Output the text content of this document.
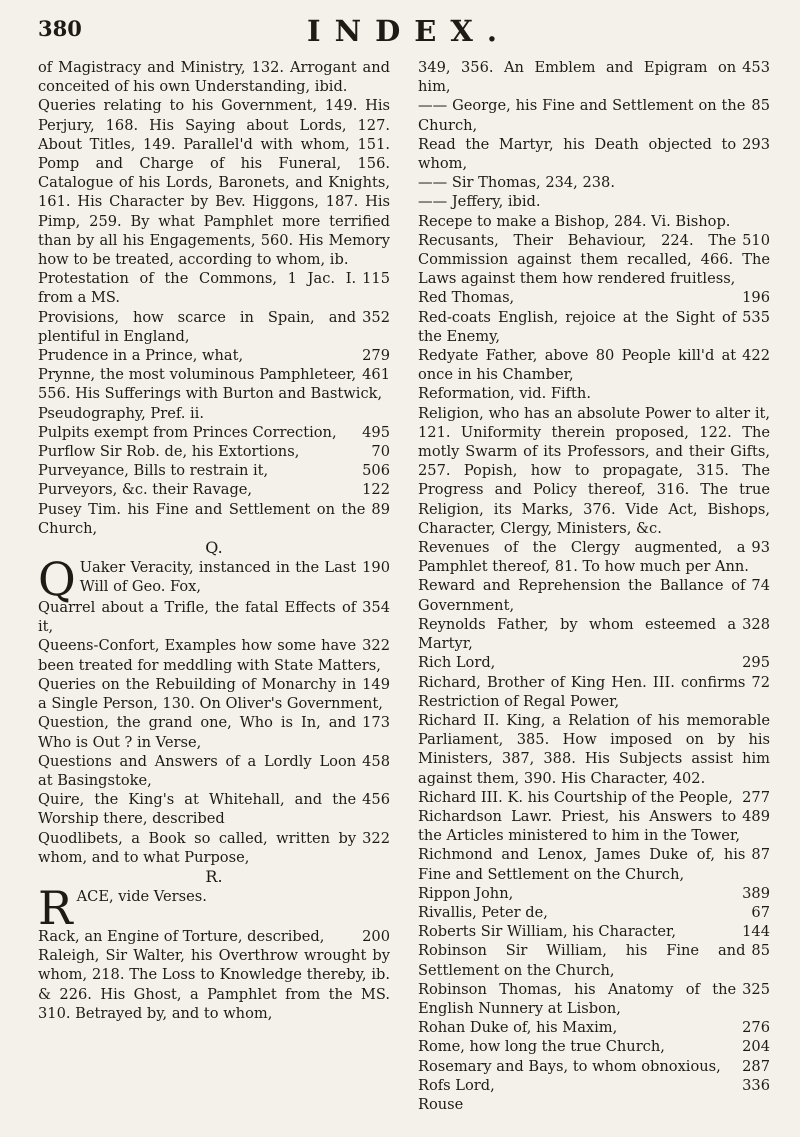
380	INDEX.
of Magistracy and Ministry, 132. Arrogant and conceited of his own Understanding, ibid.
Queries relating to his Government, 149. His Perjury, 168. His Saying about Lords, 127. About Titles, 149. Parallel'd with whom, 151. Pomp and Charge of his Funeral, 156. Catalogue of his Lords, Baronets, and Knights, 161. His Character by Bev. Higgons, 187. His Pimp, 259. By what Pamphlet more terrified than by all his Engagements, 560. His Memory how to be treated, according to whom, ib.
115
Protestation of the Commons, 1 Jac. I. from a MS.
352
Provisions, how scarce in Spain, and plentiful in England,
279
Prudence in a Prince, what,
461
Prynne, the most voluminous Pamphleteer, 556. His Sufferings with Burton and Bastwick,
Pseudography, Pref. ii.
495
Pulpits exempt from Princes Correction,
70
Purflow Sir Rob. de, his Extortions,
506
Purveyance, Bills to restrain it,
122
Purveyors, &c. their Ravage,
89
Pusey Tim. his Fine and Settlement on the Church,
Q.
Q	190
Uaker Veracity, instanced in the Last Will of Geo. Fox,
354
Quarrel about a Trifle, the fatal Effects of it,
322
Queens-Confort, Examples how some have been treated for meddling with State Matters,
149
Queries on the Rebuilding of Monarchy in a Single Person, 130. On Oliver's Government,
173
Question, the grand one, Who is In, and Who is Out ? in Verse,
458
Questions and Answers of a Lordly Loon at Basingstoke,
456
Quire, the King's at Whitehall, and the Worship there, described
322
Quodlibets, a Book so called, written by whom, and to what Purpose,
R.
RACE, vide Verses.
200
Rack, an Engine of Torture, described,
Raleigh, Sir Walter, his Overthrow wrought by whom, 218. The Loss to Knowledge thereby, ib. & 226. His Ghost, a Pamphlet from the MS. 310. Betrayed by, and to whom,
453
349, 356. An Emblem and Epigram on him,
85
—— George, his Fine and Settlement on the Church,
293
Read the Martyr, his Death objected to whom,
—— Sir Thomas, 234, 238.
—— Jeffery, ibid.
Recepe to make a Bishop, 284. Vi. Bishop.
510
Recusants, Their Behaviour, 224. The Commission against them recalled, 466. The Laws against them how rendered fruitless,
196
Red Thomas,
535
Red-coats English, rejoice at the Sight of the Enemy,
422
Redyate Father, above 80 People kill'd at once in his Chamber,
Reformation, vid. Fifth.
Religion, who has an absolute Power to alter it, 121. Uniformity therein proposed, 122. The motly Swarm of its Professors, and their Gifts, 257. Popish, how to propagate, 315. The Progress and Policy thereof, 316. The true Religion, its Marks, 376. Vide Act, Bishops, Character, Clergy, Ministers, &c.
93
Revenues of the Clergy augmented, a Pamphlet thereof, 81. To how much per Ann.
74
Reward and Reprehension the Ballance of Government,
328
Reynolds Father, by whom esteemed a Martyr,
295
Rich Lord,
72
Richard, Brother of King Hen. III. confirms Restriction of Regal Power,
Richard II. King, a Relation of his memorable Parliament, 385. How imposed on by his Ministers, 387, 388. His Subjects assist him against them, 390. His Character, 402.
277
Richard III. K. his Courtship of the People,
489
Richardson Lawr. Priest, his Answers to the Articles ministered to him in the Tower,
87
Richmond and Lenox, James Duke of, his Fine and Settlement on the Church,
389
Rippon John,
67
Rivallis, Peter de,
144
Roberts Sir William, his Character,
85
Robinson Sir William, his Fine and Settlement on the Church,
325
Robinson Thomas, his Anatomy of the English Nunnery at Lisbon,
276
Rohan Duke of, his Maxim,
204
Rome, how long the true Church,
287
Rosemary and Bays, to whom obnoxious,
336
Rofs Lord,
Rouse
